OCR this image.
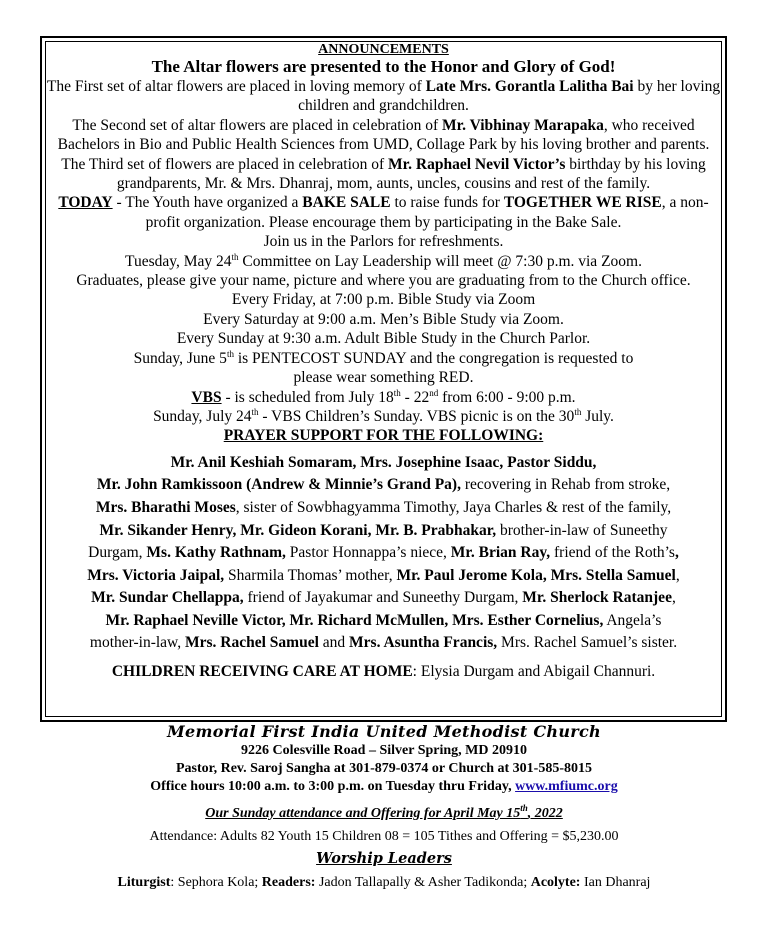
ANNOUNCEMENTS

The Altar flowers are presented to the Honor and Glory of God!

The First set of altar flowers are placed in loving memory of Late Mrs. Gorantla Lalitha Bai by her loving children and grandchildren.

The Second set of altar flowers are placed in celebration of Mr. Vibhinay Marapaka, who received Bachelors in Bio and Public Health Sciences from UMD, Collage Park by his loving brother and parents.

The Third set of flowers are placed in celebration of Mr. Raphael Nevil Victor’s birthday by his loving grandparents, Mr. & Mrs. Dhanraj, mom, aunts, uncles, cousins and rest of the family.

TODAY - The Youth have organized a BAKE SALE to raise funds for TOGETHER WE RISE, a non-profit organization. Please encourage them by participating in the Bake Sale.

Join us in the Parlors for refreshments.

Tuesday, May 24th Committee on Lay Leadership will meet @ 7:30 p.m. via Zoom.

Graduates, please give your name, picture and where you are graduating from to the Church office.

Every Friday, at 7:00 p.m. Bible Study via Zoom

Every Saturday at 9:00 a.m. Men’s Bible Study via Zoom.

Every Sunday at 9:30 a.m. Adult Bible Study in the Church Parlor.

Sunday, June 5th is PENTECOST SUNDAY and the congregation is requested to

please wear something RED.

VBS - is scheduled from July 18th - 22nd from 6:00 - 9:00 p.m.

Sunday, July 24th - VBS Children’s Sunday. VBS picnic is on the 30th July.

PRAYER SUPPORT FOR THE FOLLOWING:

Mr. Anil Keshiah Somaram, Mrs. Josephine Isaac, Pastor Siddu,
Mr. John Ramkissoon (Andrew & Minnie’s Grand Pa), recovering in Rehab from stroke,
Mrs. Bharathi Moses, sister of Sowbhagyamma Timothy, Jaya Charles & rest of the family,
Mr. Sikander Henry, Mr. Gideon Korani, Mr. B. Prabhakar, brother-in-law of Suneethy
Durgam, Ms. Kathy Rathnam, Pastor Honnappa’s niece, Mr. Brian Ray, friend of the Roth’s,
Mrs. Victoria Jaipal, Sharmila Thomas’ mother, Mr. Paul Jerome Kola, Mrs. Stella Samuel,
Mr. Sundar Chellappa, friend of Jayakumar and Suneethy Durgam, Mr. Sherlock Ratanjee,
Mr. Raphael Neville Victor, Mr. Richard McMullen, Mrs. Esther Cornelius, Angela’s
mother-in-law, Mrs. Rachel Samuel and Mrs. Asuntha Francis, Mrs. Rachel Samuel’s sister.

CHILDREN RECEIVING CARE AT HOME: Elysia Durgam and Abigail Channuri.

Memorial First India United Methodist Church
9226 Colesville Road – Silver Spring, MD 20910
Pastor, Rev. Saroj Sangha at 301-879-0374 or Church at 301-585-8015
Office hours 10:00 a.m. to 3:00 p.m. on Tuesday thru Friday, www.mfiumc.org
Our Sunday attendance and Offering for April May 15th, 2022
Attendance: Adults 82 Youth 15 Children 08 = 105 Tithes and Offering = $5,230.00
Worship Leaders
Liturgist: Sephora Kola; Readers: Jadon Tallapally & Asher Tadikonda; Acolyte: Ian Dhanraj
